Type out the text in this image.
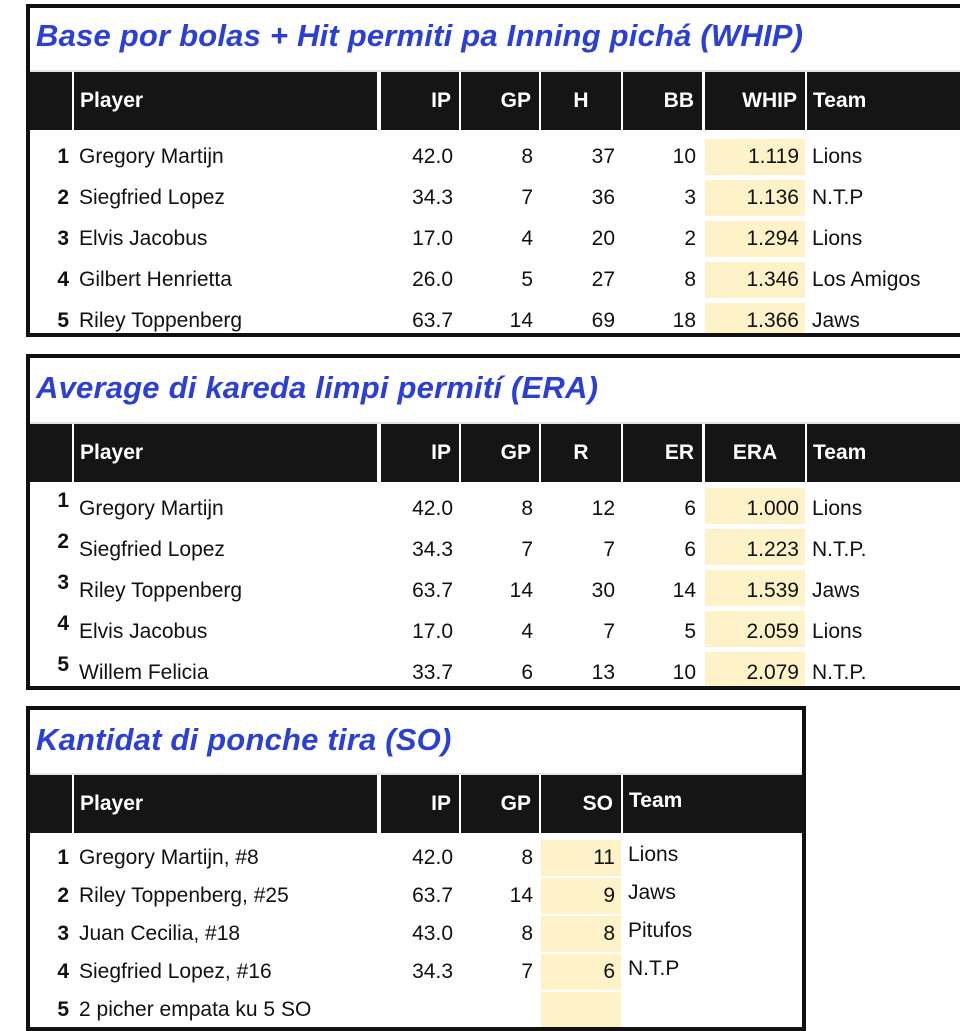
Base por bolas + Hit permiti pa Inning pichá (WHIP)
Player	IP GP	H	BB WHIP Team
1 Gregory Martijn	42.0	8	37	10 1.119 Lions
2 Siegfried Lopez	34.3	7	36	3 1.136 N.T.P
3 Elvis Jacobus	17.0	4	20	2 1.294 Lions
4 Gilbert Henrietta	26.0	5	27	8 1.346 Los Amigos
5 Riley Toppenberg	63.7	14	69	18 1.366 Jaws
Average di kareda limpi permití (ERA)
Player	IP GP	R	ER	ERA	Team
1 Gregory Martijn	42.0	8	12	6 1.000 Lions
2 Siegfried Lopez	34.3	7	7	6 1.223 N.T.P.
3 Riley Toppenberg	63.7	14	30	14 1.539 Jaws
4 Elvis Jacobus	17.0	4	7	5 2.059 Lions
5 Willem Felicia	33.7	6	13	10 2.079 N.T.P.
Kantidat di ponche tira (SO)
Player	IP GP SO Team
1 Gregory Martijn, #8	42.0	8	11 Lions
2 Riley Toppenberg, #25	63.7	14	9 Jaws
3 Juan Cecilia, #18	43.0	8	8 Pitufos
4 Siegfried Lopez, #16	34.3	7	6 N.T.P
5 2 picher empata ku 5 SO
